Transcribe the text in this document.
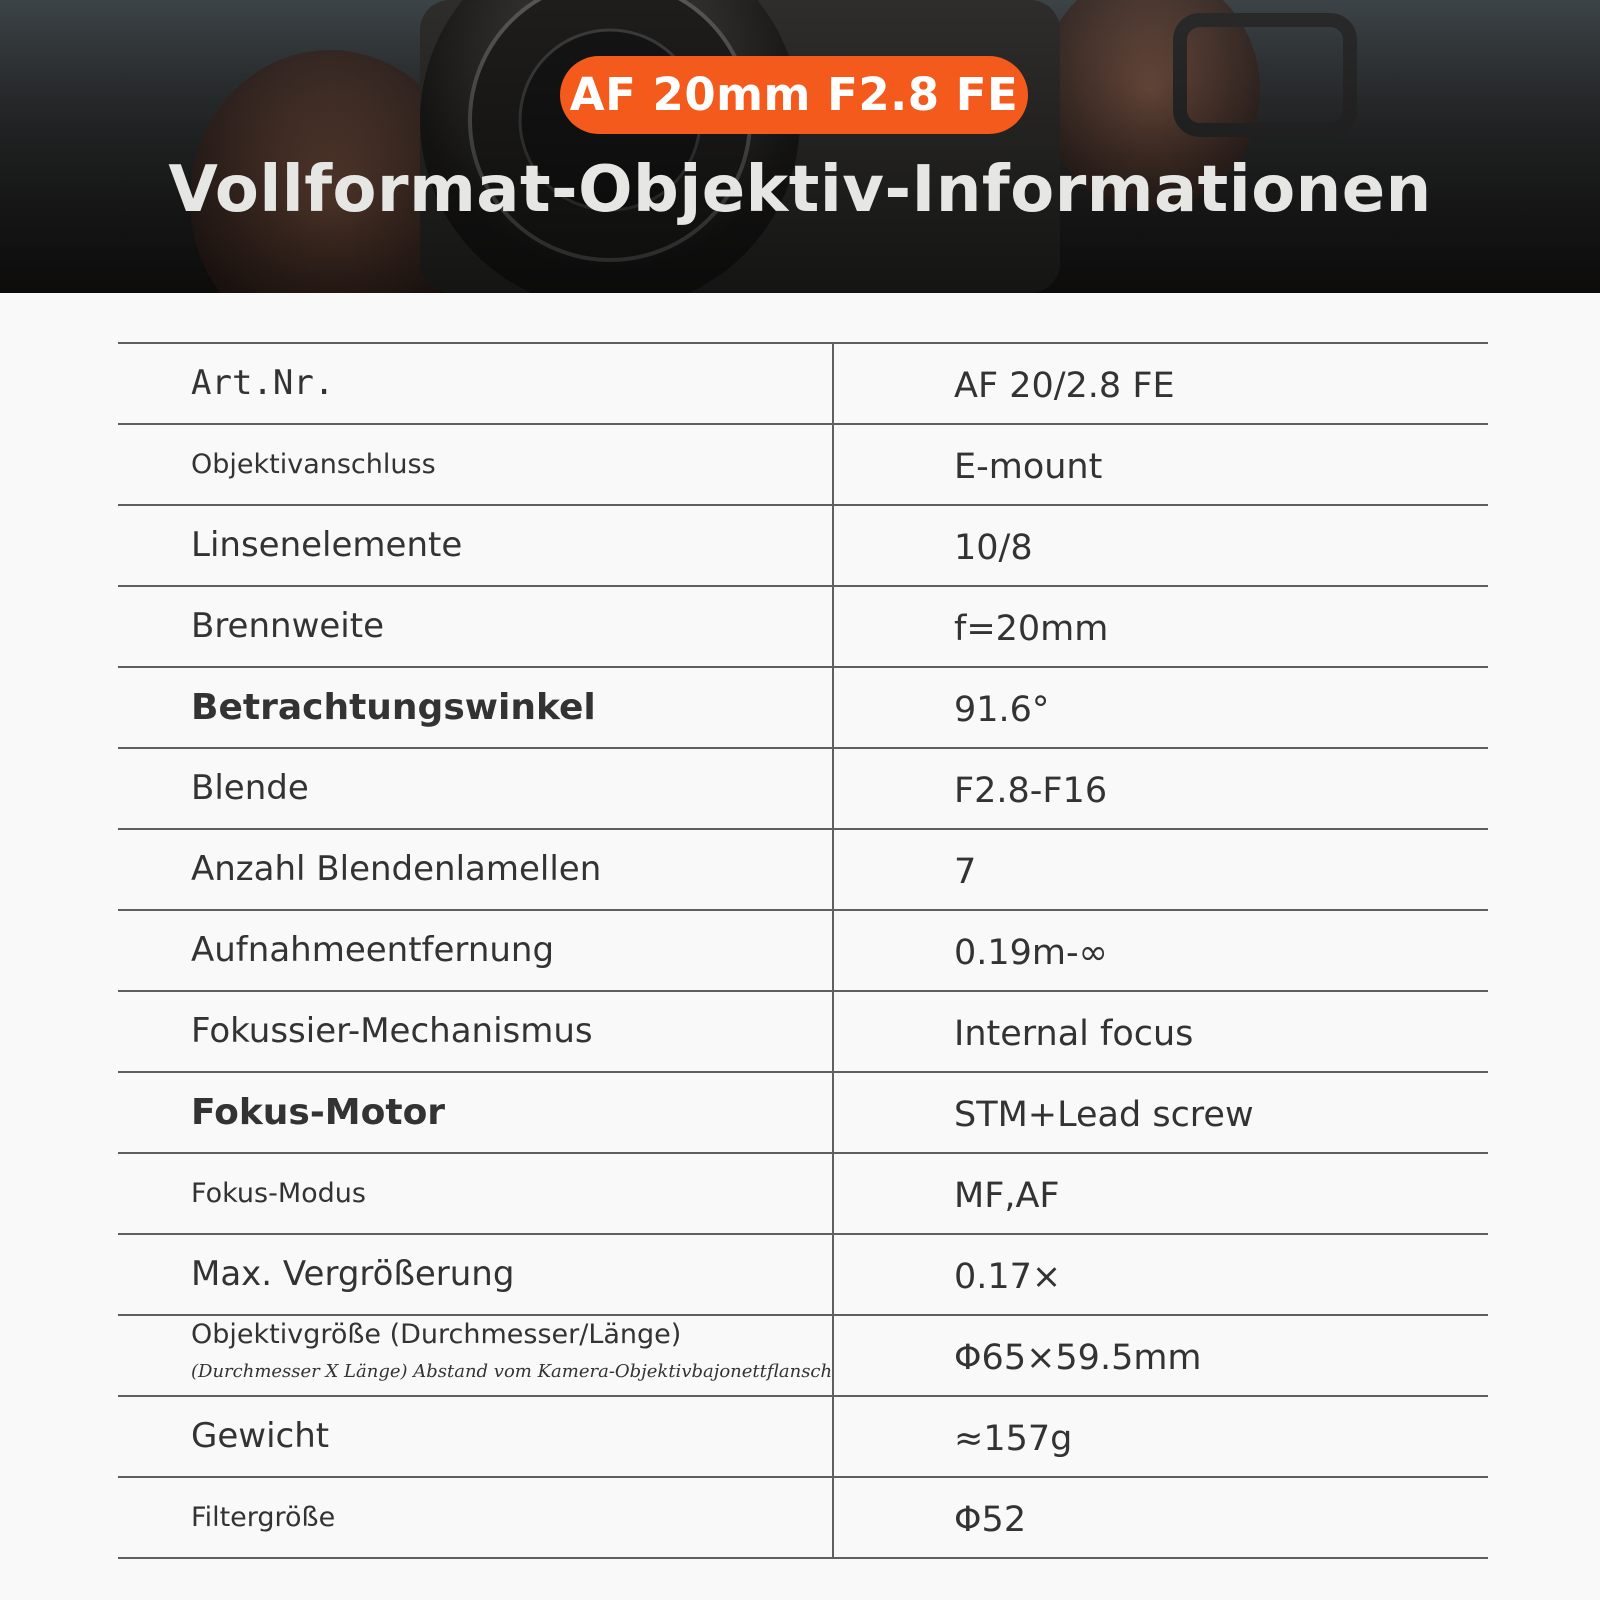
AF 20mm F2.8 FE
Vollformat-Objektiv-Informationen
Art.Nr.	AF 20/2.8 FE
Objektivanschluss	E-mount
Linsenelemente	10/8
Brennweite	f=20mm
Betrachtungswinkel	91.6°
Blende	F2.8-F16
Anzahl Blendenlamellen	7
Aufnahmeentfernung	0.19m-∞
Fokussier-Mechanismus	Internal focus
Fokus-Motor	STM+Lead screw
Fokus-Modus	MF,AF
Max. Vergrößerung	0.17×
Objektivgröße (Durchmesser/Länge)
(Durchmesser X Länge) Abstand vom Kamera-Objektivbajonettflansch	Φ65×59.5mm
Gewicht	≈157g
Filtergröße	Φ52
